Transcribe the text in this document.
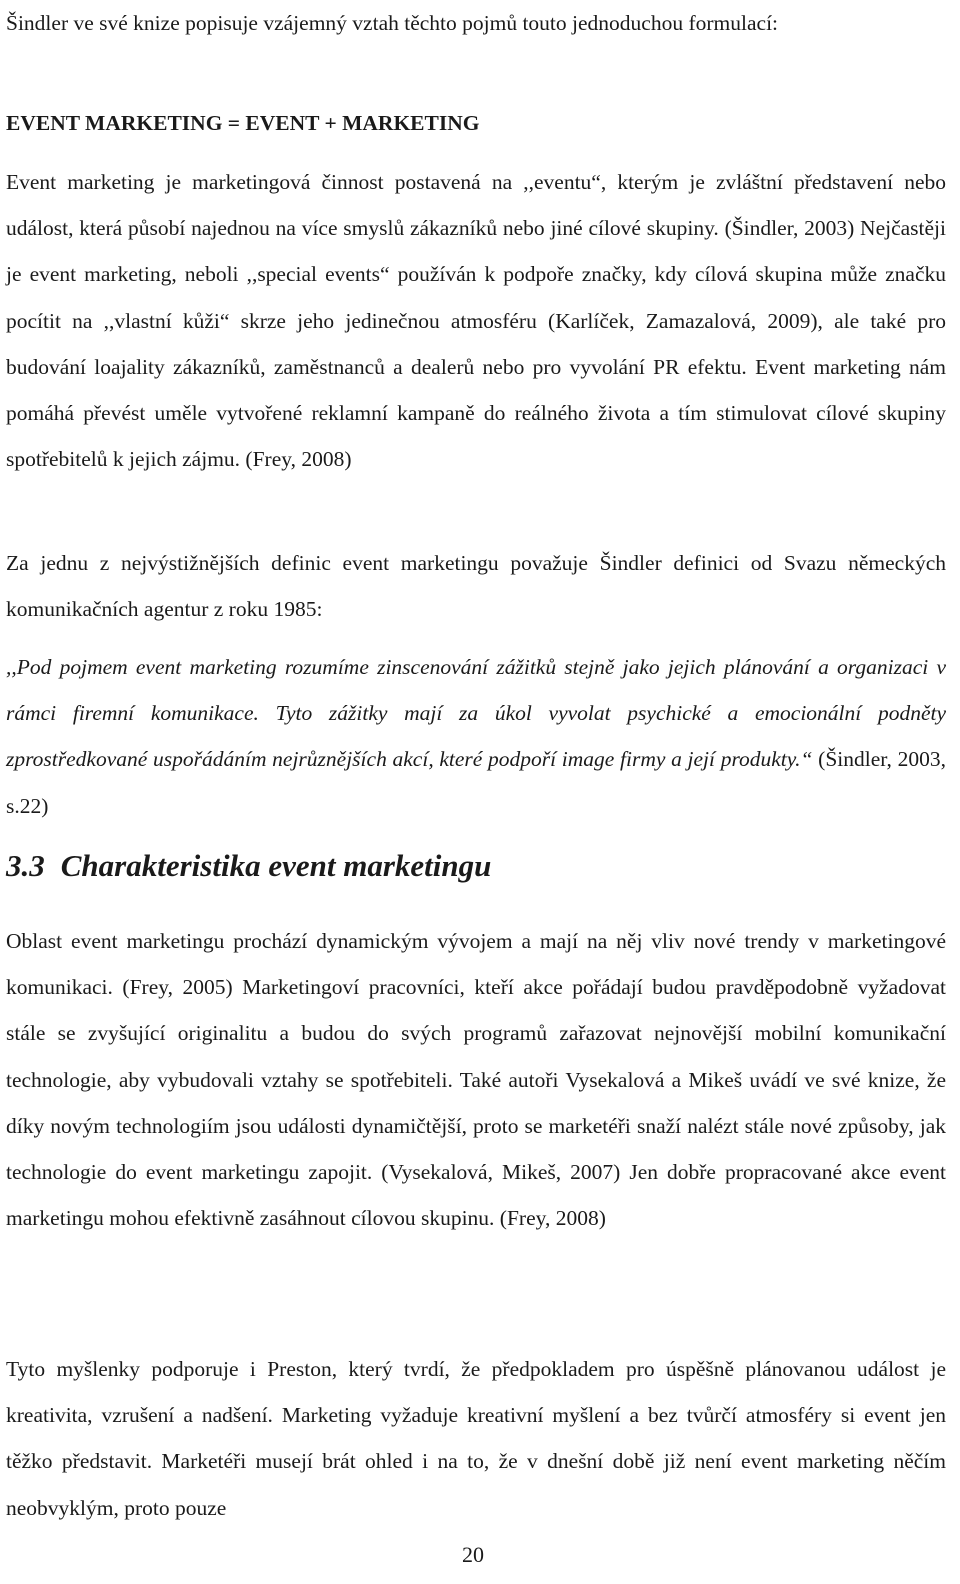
Šindler ve své knize popisuje vzájemný vztah těchto pojmů touto jednoduchou formulací:

EVENT MARKETING = EVENT + MARKETING

Event marketing je marketingová činnost postavená na ,,eventu“, kterým je zvláštní představení nebo událost, která působí najednou na více smyslů zákazníků nebo jiné cílové skupiny. (Šindler, 2003) Nejčastěji je event marketing, neboli ,,special events“ používán k podpoře značky, kdy cílová skupina může značku pocítit na ,,vlastní kůži“ skrze jeho jedinečnou atmosféru (Karlíček, Zamazalová, 2009), ale také pro budování loajality zákazníků, zaměstnanců a dealerů nebo pro vyvolání PR efektu. Event marketing nám pomáhá převést uměle vytvořené reklamní kampaně do reálného života a tím stimulovat cílové skupiny spotřebitelů k jejich zájmu. (Frey, 2008)

Za jednu z nejvýstižnějších definic event marketingu považuje Šindler definici od Svazu německých komunikačních agentur z roku 1985:

,,Pod pojmem event marketing rozumíme zinscenování zážitků stejně jako jejich plánování a organizaci v rámci firemní komunikace. Tyto zážitky mají za úkol vyvolat psychické a emocionální podněty zprostředkované uspořádáním nejrůznějších akcí, které podpoří image firmy a její produkty.“ (Šindler, 2003, s.22)

3.3 Charakteristika event marketingu

Oblast event marketingu prochází dynamickým vývojem a mají na něj vliv nové trendy v marketingové komunikaci. (Frey, 2005) Marketingoví pracovníci, kteří akce pořádají budou pravděpodobně vyžadovat stále se zvyšující originalitu a budou do svých programů zařazovat nejnovější mobilní komunikační technologie, aby vybudovali vztahy se spotřebiteli. Také autoři Vysekalová a Mikeš uvádí ve své knize, že díky novým technologiím jsou události dynamičtější, proto se marketéři snaží nalézt stále nové způsoby, jak technologie do event marketingu zapojit. (Vysekalová, Mikeš, 2007) Jen dobře propracované akce event marketingu mohou efektivně zasáhnout cílovou skupinu. (Frey, 2008)

Tyto myšlenky podporuje i Preston, který tvrdí, že předpokladem pro úspěšně plánovanou událost je kreativita, vzrušení a nadšení. Marketing vyžaduje kreativní myšlení a bez tvůrčí atmosféry si event jen těžko představit. Marketéři musejí brát ohled i na to, že v dnešní době již není event marketing něčím neobvyklým, proto pouze

20
